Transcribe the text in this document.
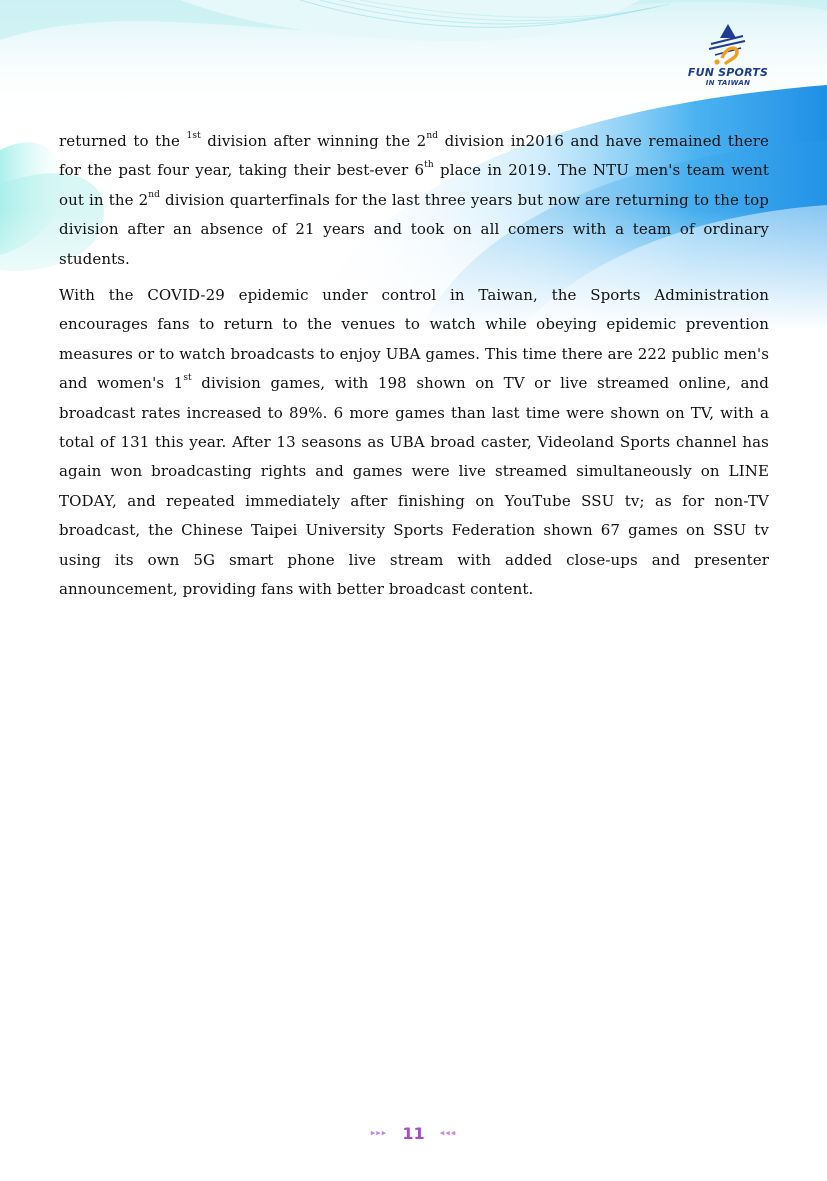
FUN SPORTS
IN TAIWAN

returned to the $^{1st}$ division after winning the 2nd division in2016 and have remained there for the past four year, taking their best-ever 6th place in 2019. The NTU men's team went out in the 2nd division quarterfinals for the last three years but now are returning to the top division after an absence of 21 years and took on all comers with a team of ordinary students.

With the COVID-29 epidemic under control in Taiwan, the Sports Administration encourages fans to return to the venues to watch while obeying epidemic prevention measures or to watch broadcasts to enjoy UBA games. This time there are 222 public men's and women's 1st division games, with 198 shown on TV or live streamed online, and broadcast rates increased to 89%. 6 more games than last time were shown on TV, with a total of 131 this year. After 13 seasons as UBA broad caster, Videoland Sports channel has again won broadcasting rights and games were live streamed simultaneously on LINE TODAY, and repeated immediately after finishing on YouTube SSU tv; as for non-TV broadcast, the Chinese Taipei University Sports Federation shown 67 games on SSU tv using its own 5G smart phone live stream with added close-ups and presenter announcement, providing fans with better broadcast content.

▸▸▸ 11 ◂◂◂
